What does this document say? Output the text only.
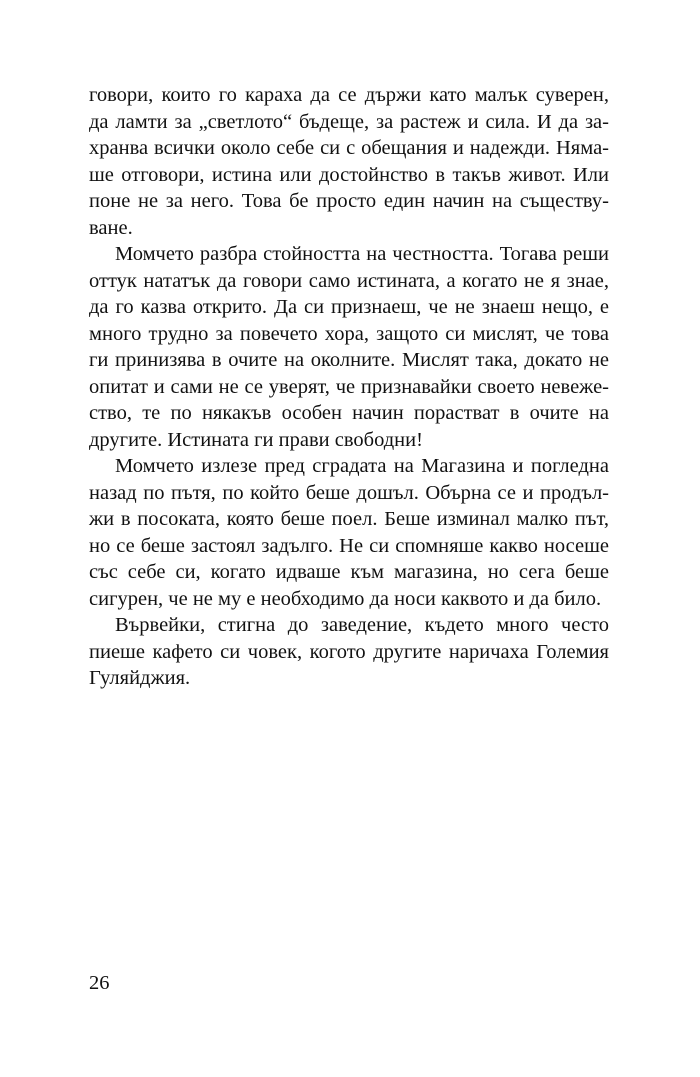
говори, които го караха да се държи като малък суверен,
да ламти за „светлото“ бъдеще, за растеж и сила. И да за-
хранва всички около себе си с обещания и надежди. Няма-
ше отговори, истина или достойнство в такъв живот. Или
поне не за него. Това бе просто един начин на съществу-
ване.

Момчето разбра стойността на честността. Тогава реши
оттук нататък да говори само истината, а когато не я знае,
да го казва открито. Да си признаеш, че не знаеш нещо, е
много трудно за повечето хора, защото си мислят, че това
ги принизява в очите на околните. Мислят така, докато не
опитат и сами не се уверят, че признавайки своето невеже-
ство, те по някакъв особен начин порастват в очите на
другите. Истината ги прави свободни!

Момчето излезе пред сградата на Магазина и погледна
назад по пътя, по който беше дошъл. Обърна се и продъл-
жи в посоката, която беше поел. Беше изминал малко път,
но се беше застоял задълго. Не си спомняше какво носеше
със себе си, когато идваше към магазина, но сега беше
сигурен, че не му е необходимо да носи каквото и да било.

Вървейки, стигна до заведение, където много често
пиеше кафето си човек, когото другите наричаха Големия
Гуляйджия.

26
